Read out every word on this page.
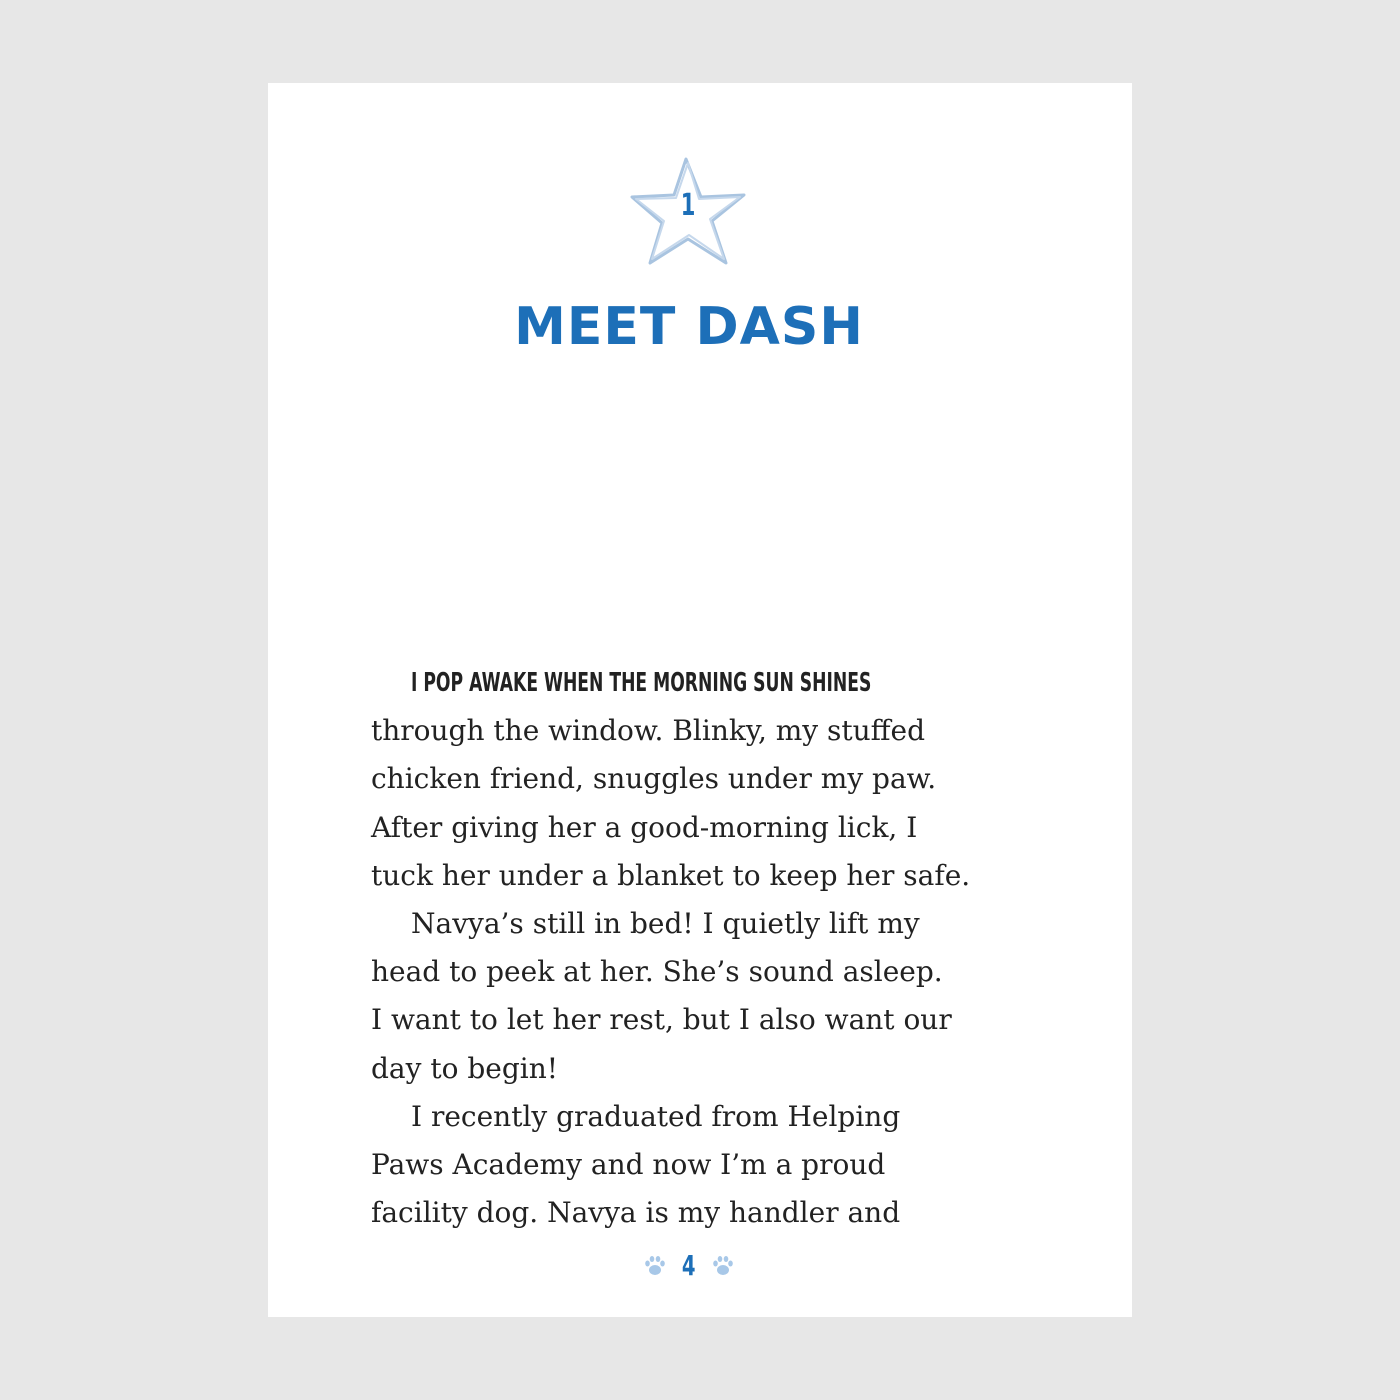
1
MEET DASH
I POP AWAKE WHEN THE MORNING SUN SHINES
through the window. Blinky, my stuffed
chicken friend, snuggles under my paw.
After giving her a good-morning lick, I
tuck her under a blanket to keep her safe.
Navya’s still in bed! I quietly lift my
head to peek at her. She’s sound asleep.
I want to let her rest, but I also want our
day to begin!
I recently graduated from Helping
Paws Academy and now I’m a proud
facility dog. Navya is my handler and
4
